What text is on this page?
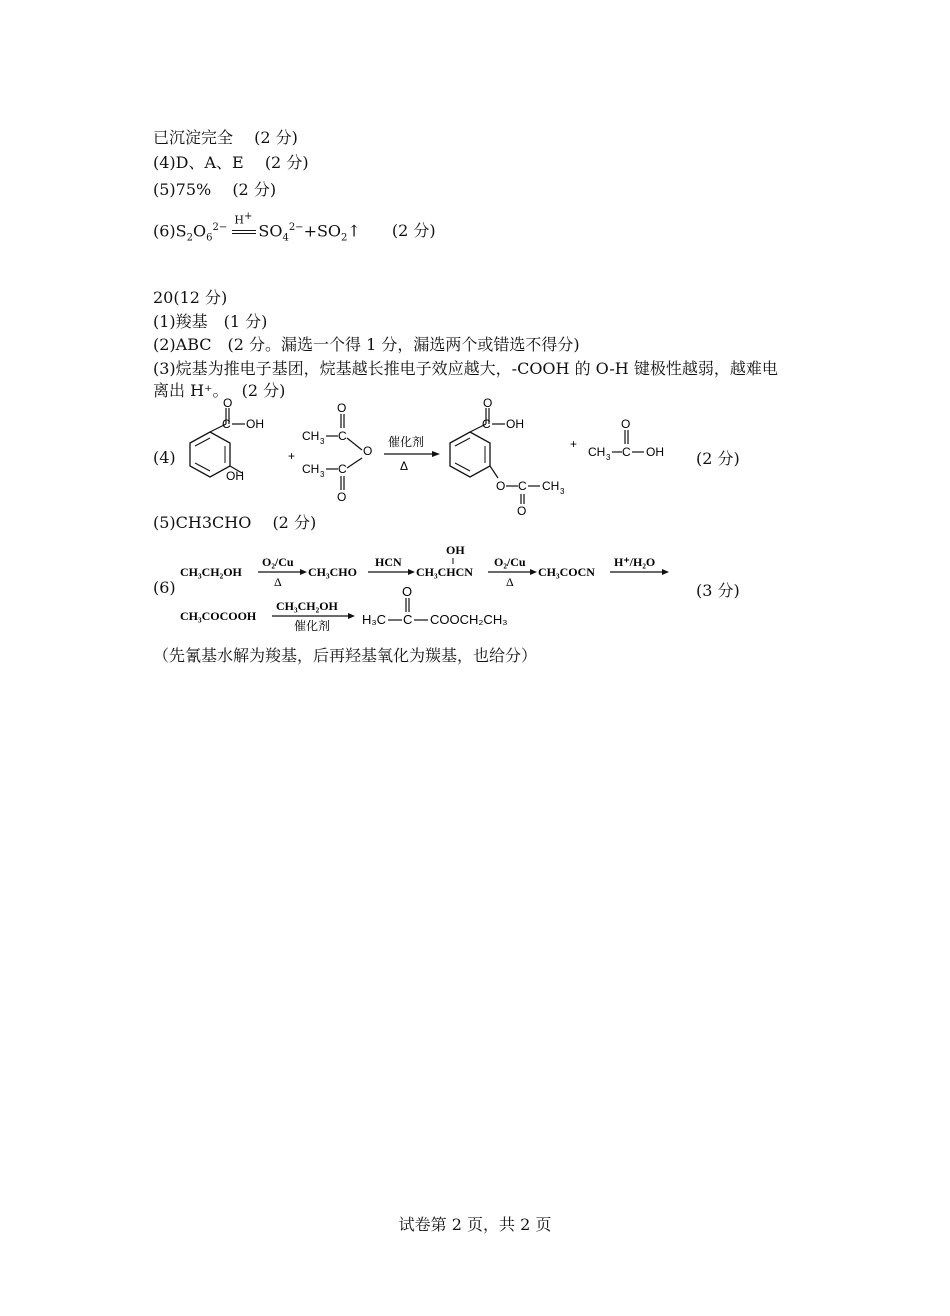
已沉淀完全　 (2 分)
(4)D、A、E　 (2 分)
(5)75%　 (2 分)
$(6)S_2O_6^{2-}$
H+
$SO_4^{2-}+SO_2↑$ (2 分)
20(12 分)
(1)羧基　(1 分)
(2)ABC　(2 分。漏选一个得 1 分，漏选两个或错选不得分)
(3)烷基为推电子基团，烷基越长推电子效应越大，-COOH 的 O-H 键极性越弱，越难电离出 H⁺。　 (2 分)
(4)
O
C OH
OH
+
CH 3 C
O
O
CH 3 C
O
催化剂
Δ
O
C OH
O C
O
CH 3
+
CH 3 C
O
OH (2 分)
(5)CH3CHO　 (2 分)
(6)
CH₃CH₂OH
O₂/Cu
Δ
CH₃CHO
HCN
OH
CH₃CHCN
O₂/Cu
Δ
CH₃COCN
H⁺/H₂O
CH₃COCOOH
CH₃CH₂OH
催化剂 H₃C C
O
COOCH₂CH₃
(3 分)
（先氰基水解为羧基，后再羟基氧化为羰基，也给分）
试卷第 2 页，共 2 页
